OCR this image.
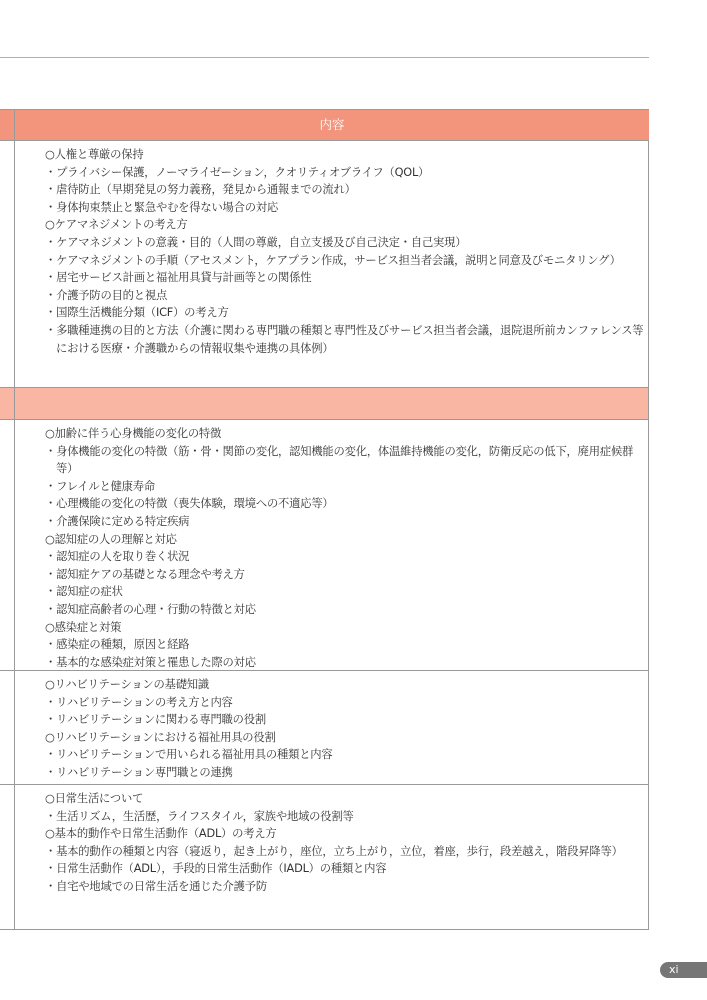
内容
○人権と尊厳の保持
・プライバシー保護，ノーマライゼーション，クオリティオブライフ（QOL）
・虐待防止（早期発見の努力義務，発見から通報までの流れ）
・身体拘束禁止と緊急やむを得ない場合の対応
○ケアマネジメントの考え方
・ケアマネジメントの意義・目的（人間の尊厳，自立支援及び自己決定・自己実現）
・ケアマネジメントの手順（アセスメント，ケアプラン作成，サービス担当者会議，説明と同意及びモニタリング）
・居宅サービス計画と福祉用具貸与計画等との関係性
・介護予防の目的と視点
・国際生活機能分類（ICF）の考え方
・多職種連携の目的と方法（介護に関わる専門職の種類と専門性及びサービス担当者会議，退院退所前カンファレンス等における医療・介護職からの情報収集や連携の具体例）
○加齢に伴う心身機能の変化の特徴
・身体機能の変化の特徴（筋・骨・関節の変化，認知機能の変化，体温維持機能の変化，防衛反応の低下，廃用症候群等）
・フレイルと健康寿命
・心理機能の変化の特徴（喪失体験，環境への不適応等）
・介護保険に定める特定疾病
○認知症の人の理解と対応
・認知症の人を取り巻く状況
・認知症ケアの基礎となる理念や考え方
・認知症の症状
・認知症高齢者の心理・行動の特徴と対応
○感染症と対策
・感染症の種類，原因と経路
・基本的な感染症対策と罹患した際の対応
○リハビリテーションの基礎知識
・リハビリテーションの考え方と内容
・リハビリテーションに関わる専門職の役割
○リハビリテーションにおける福祉用具の役割
・リハビリテーションで用いられる福祉用具の種類と内容
・リハビリテーション専門職との連携
○日常生活について
・生活リズム，生活歴，ライフスタイル，家族や地域の役割等
○基本的動作や日常生活動作（ADL）の考え方
・基本的動作の種類と内容（寝返り，起き上がり，座位，立ち上がり，立位，着座，歩行，段差越え，階段昇降等）
・日常生活動作（ADL），手段的日常生活動作（IADL）の種類と内容
・自宅や地域での日常生活を通じた介護予防
xi
